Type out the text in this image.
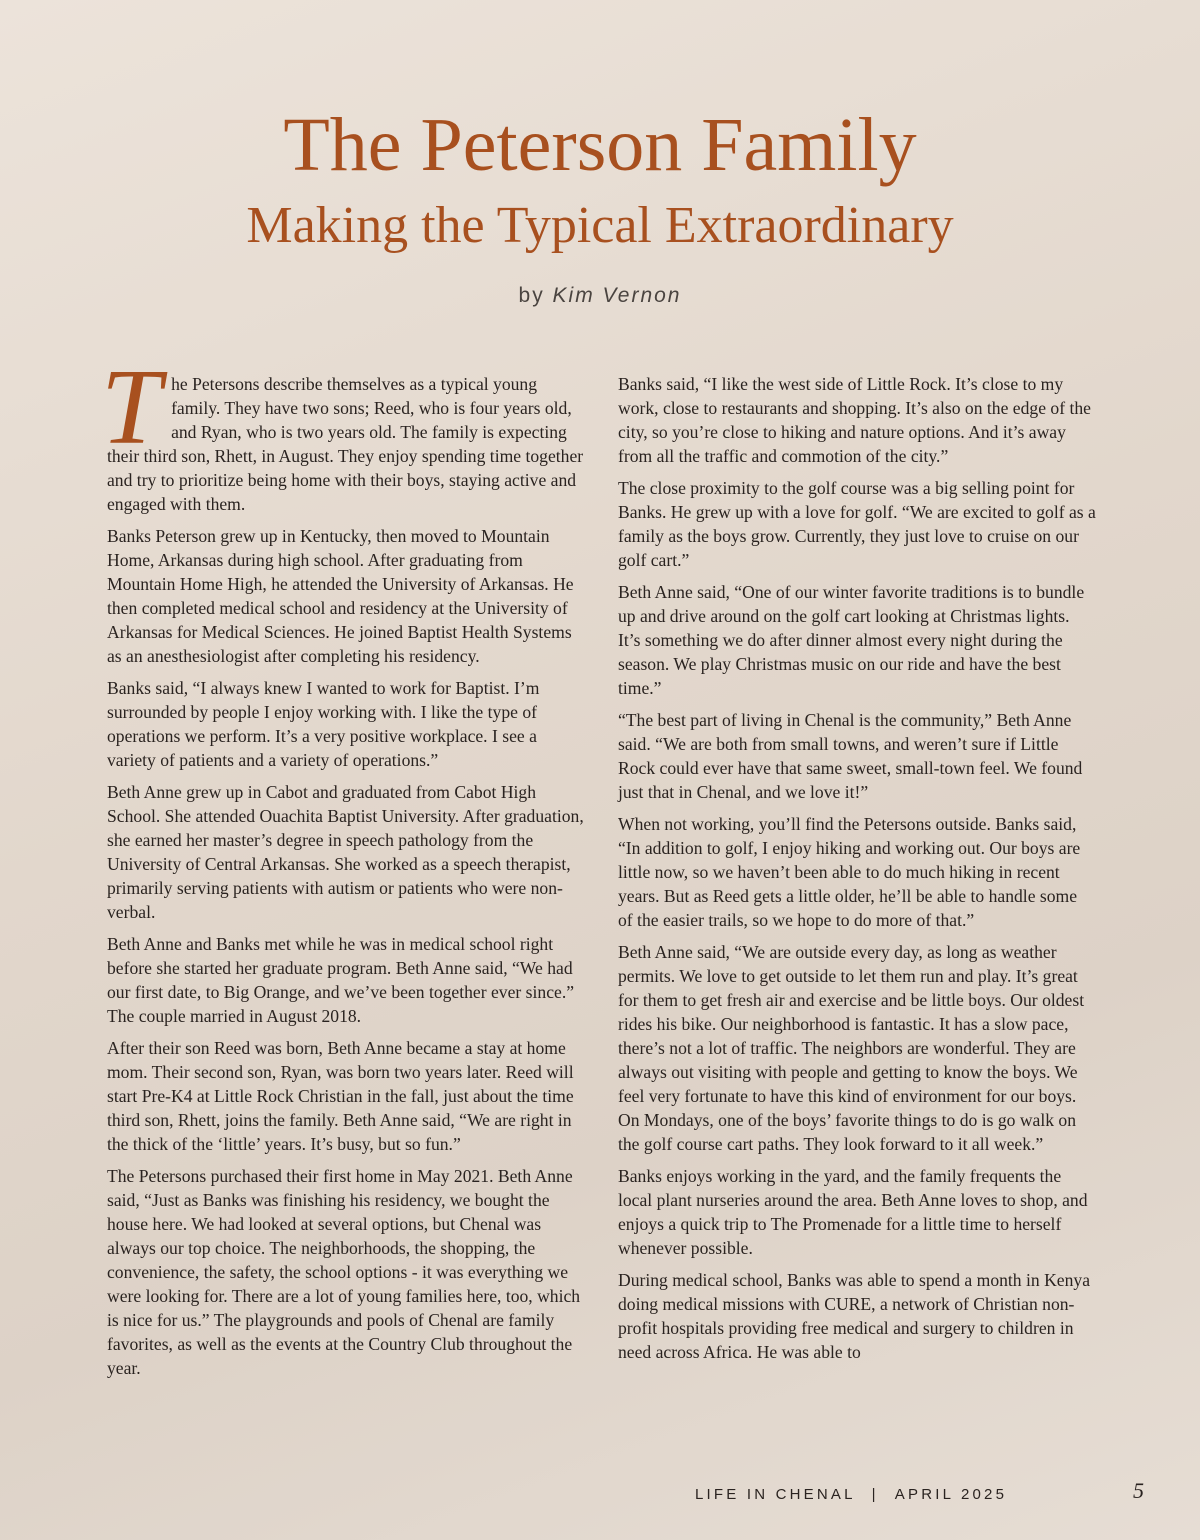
The Peterson Family
Making the Typical Extraordinary
by Kim Vernon

The Petersons describe themselves as a typical young family. They have two sons; Reed, who is four years old, and Ryan, who is two years old. The family is expecting their third son, Rhett, in August. They enjoy spending time together and try to prioritize being home with their boys, staying active and engaged with them.

Banks Peterson grew up in Kentucky, then moved to Mountain Home, Arkansas during high school. After graduating from Mountain Home High, he attended the University of Arkansas. He then completed medical school and residency at the University of Arkansas for Medical Sciences. He joined Baptist Health Systems as an anesthesiologist after completing his residency.

Banks said, “I always knew I wanted to work for Baptist. I’m surrounded by people I enjoy working with. I like the type of operations we perform. It’s a very positive workplace. I see a variety of patients and a variety of operations.”

Beth Anne grew up in Cabot and graduated from Cabot High School. She attended Ouachita Baptist University. After graduation, she earned her master’s degree in speech pathology from the University of Central Arkansas. She worked as a speech therapist, primarily serving patients with autism or patients who were non-verbal.

Beth Anne and Banks met while he was in medical school right before she started her graduate program. Beth Anne said, “We had our first date, to Big Orange, and we’ve been together ever since.” The couple married in August 2018.

After their son Reed was born, Beth Anne became a stay at home mom. Their second son, Ryan, was born two years later. Reed will start Pre-K4 at Little Rock Christian in the fall, just about the time third son, Rhett, joins the family. Beth Anne said, “We are right in the thick of the ‘little’ years. It’s busy, but so fun.”

The Petersons purchased their first home in May 2021. Beth Anne said, “Just as Banks was finishing his residency, we bought the house here. We had looked at several options, but Chenal was always our top choice. The neighborhoods, the shopping, the convenience, the safety, the school options - it was everything we were looking for. There are a lot of young families here, too, which is nice for us.” The playgrounds and pools of Chenal are family favorites, as well as the events at the Country Club throughout the year.

Banks said, “I like the west side of Little Rock. It’s close to my work, close to restaurants and shopping. It’s also on the edge of the city, so you’re close to hiking and nature options. And it’s away from all the traffic and commotion of the city.”

The close proximity to the golf course was a big selling point for Banks. He grew up with a love for golf. “We are excited to golf as a family as the boys grow. Currently, they just love to cruise on our golf cart.”

Beth Anne said, “One of our winter favorite traditions is to bundle up and drive around on the golf cart looking at Christmas lights. It’s something we do after dinner almost every night during the season. We play Christmas music on our ride and have the best time.”

“The best part of living in Chenal is the community,” Beth Anne said. “We are both from small towns, and weren’t sure if Little Rock could ever have that same sweet, small-town feel. We found just that in Chenal, and we love it!”

When not working, you’ll find the Petersons outside. Banks said, “In addition to golf, I enjoy hiking and working out. Our boys are little now, so we haven’t been able to do much hiking in recent years. But as Reed gets a little older, he’ll be able to handle some of the easier trails, so we hope to do more of that.”

Beth Anne said, “We are outside every day, as long as weather permits. We love to get outside to let them run and play. It’s great for them to get fresh air and exercise and be little boys. Our oldest rides his bike. Our neighborhood is fantastic. It has a slow pace, there’s not a lot of traffic. The neighbors are wonderful. They are always out visiting with people and getting to know the boys. We feel very fortunate to have this kind of environment for our boys. On Mondays, one of the boys’ favorite things to do is go walk on the golf course cart paths. They look forward to it all week.”

Banks enjoys working in the yard, and the family frequents the local plant nurseries around the area. Beth Anne loves to shop, and enjoys a quick trip to The Promenade for a little time to herself whenever possible.

During medical school, Banks was able to spend a month in Kenya doing medical missions with CURE, a network of Christian non-profit hospitals providing free medical and surgery to children in need across Africa. He was able to

LIFE IN CHENAL | APRIL 2025	5
